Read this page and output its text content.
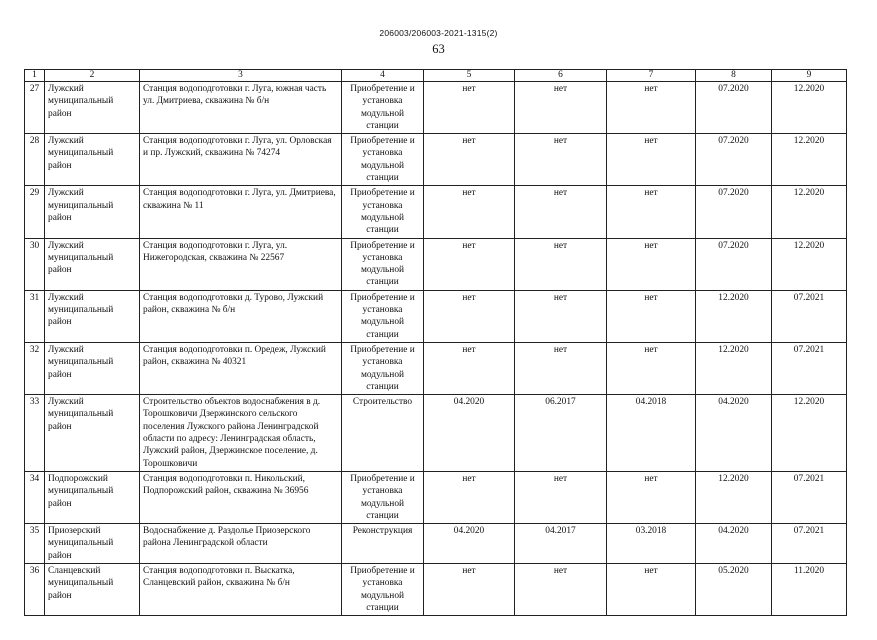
206003/206003-2021-1315(2)
63
1	2	3	4	5	6	7	8	9
27	Лужский муниципальный район	Станция водоподготовки г. Луга, южная часть ул. Дмитриева, скважина № б/н	Приобретение и установка модульной станции	нет	нет	нет	07.2020	12.2020
28	Лужский муниципальный район	Станция водоподготовки г. Луга, ул. Орловская и пр. Лужский, скважина № 74274	Приобретение и установка модульной станции	нет	нет	нет	07.2020	12.2020
29	Лужский муниципальный район	Станция водоподготовки г. Луга, ул. Дмитриева, скважина № 11	Приобретение и установка модульной станции	нет	нет	нет	07.2020	12.2020
30	Лужский муниципальный район	Станция водоподготовки г. Луга, ул. Нижегородская, скважина № 22567	Приобретение и установка модульной станции	нет	нет	нет	07.2020	12.2020
31	Лужский муниципальный район	Станция водоподготовки д. Турово, Лужский район, скважина № б/н	Приобретение и установка модульной станции	нет	нет	нет	12.2020	07.2021
32	Лужский муниципальный район	Станция водоподготовки п. Оредеж, Лужский район, скважина № 40321	Приобретение и установка модульной станции	нет	нет	нет	12.2020	07.2021
33	Лужский муниципальный район	Строительство объектов водоснабжения в д. Торошковичи Дзержинского сельского поселения Лужского района Ленинградской области по адресу: Ленинградская область, Лужский район, Дзержинское поселение, д. Торошковичи	Строительство	04.2020	06.2017	04.2018	04.2020	12.2020
34	Подпорожский муниципальный район	Станция водоподготовки п. Никольский, Подпорожский район, скважина № 36956	Приобретение и установка модульной станции	нет	нет	нет	12.2020	07.2021
35	Приозерский муниципальный район	Водоснабжение д. Раздолье Приозерского района Ленинградской области	Реконструкция	04.2020	04.2017	03.2018	04.2020	07.2021
36	Сланцевский муниципальный район	Станция водоподготовки п. Выскатка, Сланцевский район, скважина № б/н	Приобретение и установка модульной станции	нет	нет	нет	05.2020	11.2020
